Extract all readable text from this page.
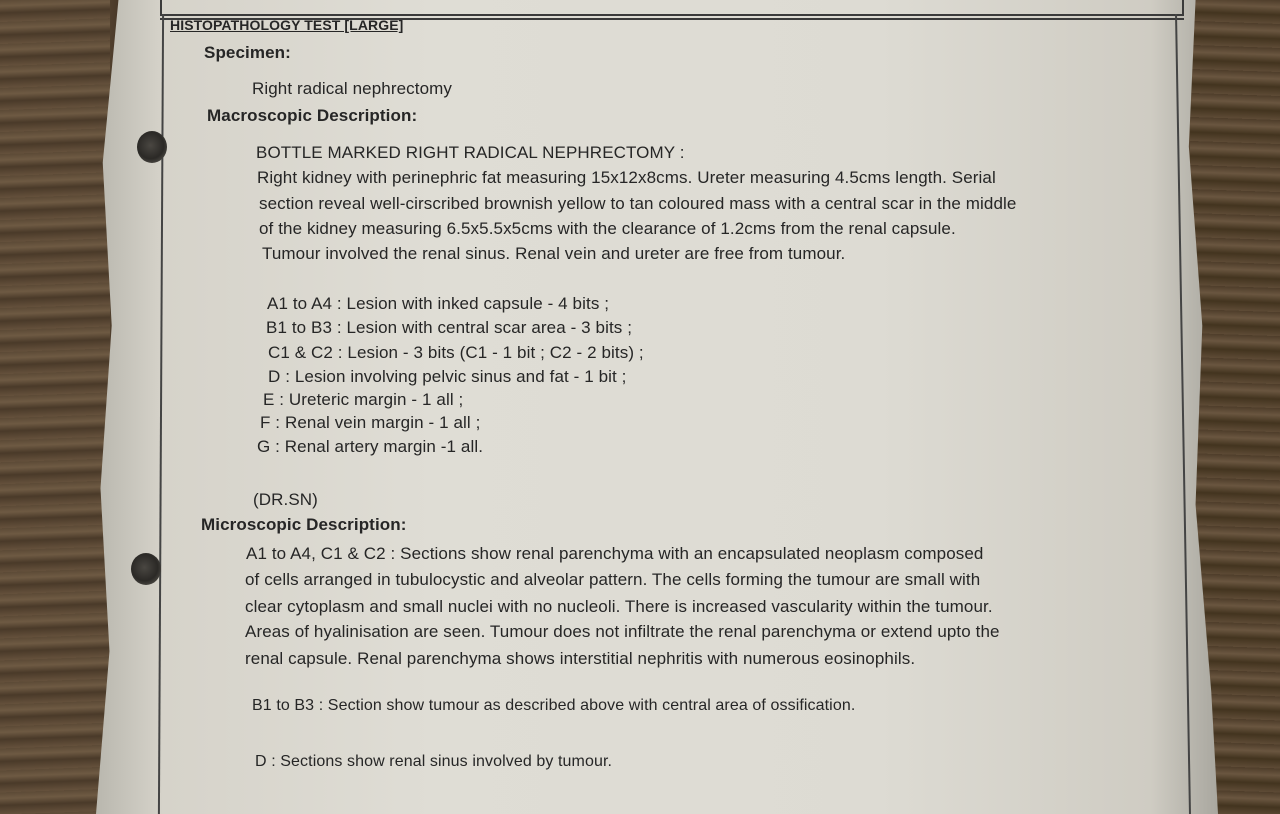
HISTOPATHOLOGY TEST [LARGE]
Specimen:
Right radical nephrectomy
Macroscopic Description:
BOTTLE MARKED RIGHT RADICAL NEPHRECTOMY :
Right kidney with perinephric fat measuring 15x12x8cms. Ureter measuring 4.5cms length. Serial
section reveal well-cirscribed brownish yellow to tan coloured mass with a central scar in the middle
of the kidney measuring 6.5x5.5x5cms with the clearance of 1.2cms from the renal capsule.
Tumour involved the renal sinus. Renal vein and ureter are free from tumour.
A1 to A4 : Lesion with inked capsule - 4 bits ;
B1 to B3 : Lesion with central scar area - 3 bits ;
C1 & C2 : Lesion - 3 bits (C1 - 1 bit ; C2 - 2 bits) ;
D : Lesion involving pelvic sinus and fat - 1 bit ;
E : Ureteric margin - 1 all ;
F : Renal vein margin - 1 all ;
G : Renal artery margin -1 all.
(DR.SN)
Microscopic Description:
A1 to A4, C1 & C2 : Sections show renal parenchyma with an encapsulated neoplasm composed
of cells arranged in tubulocystic and alveolar pattern. The cells forming the tumour are small with
clear cytoplasm and small nuclei with no nucleoli. There is increased vascularity within the tumour.
Areas of hyalinisation are seen. Tumour does not infiltrate the renal parenchyma or extend upto the
renal capsule. Renal parenchyma shows interstitial nephritis with numerous eosinophils.
B1 to B3 : Section show tumour as described above with central area of ossification.
D : Sections show renal sinus involved by tumour.
